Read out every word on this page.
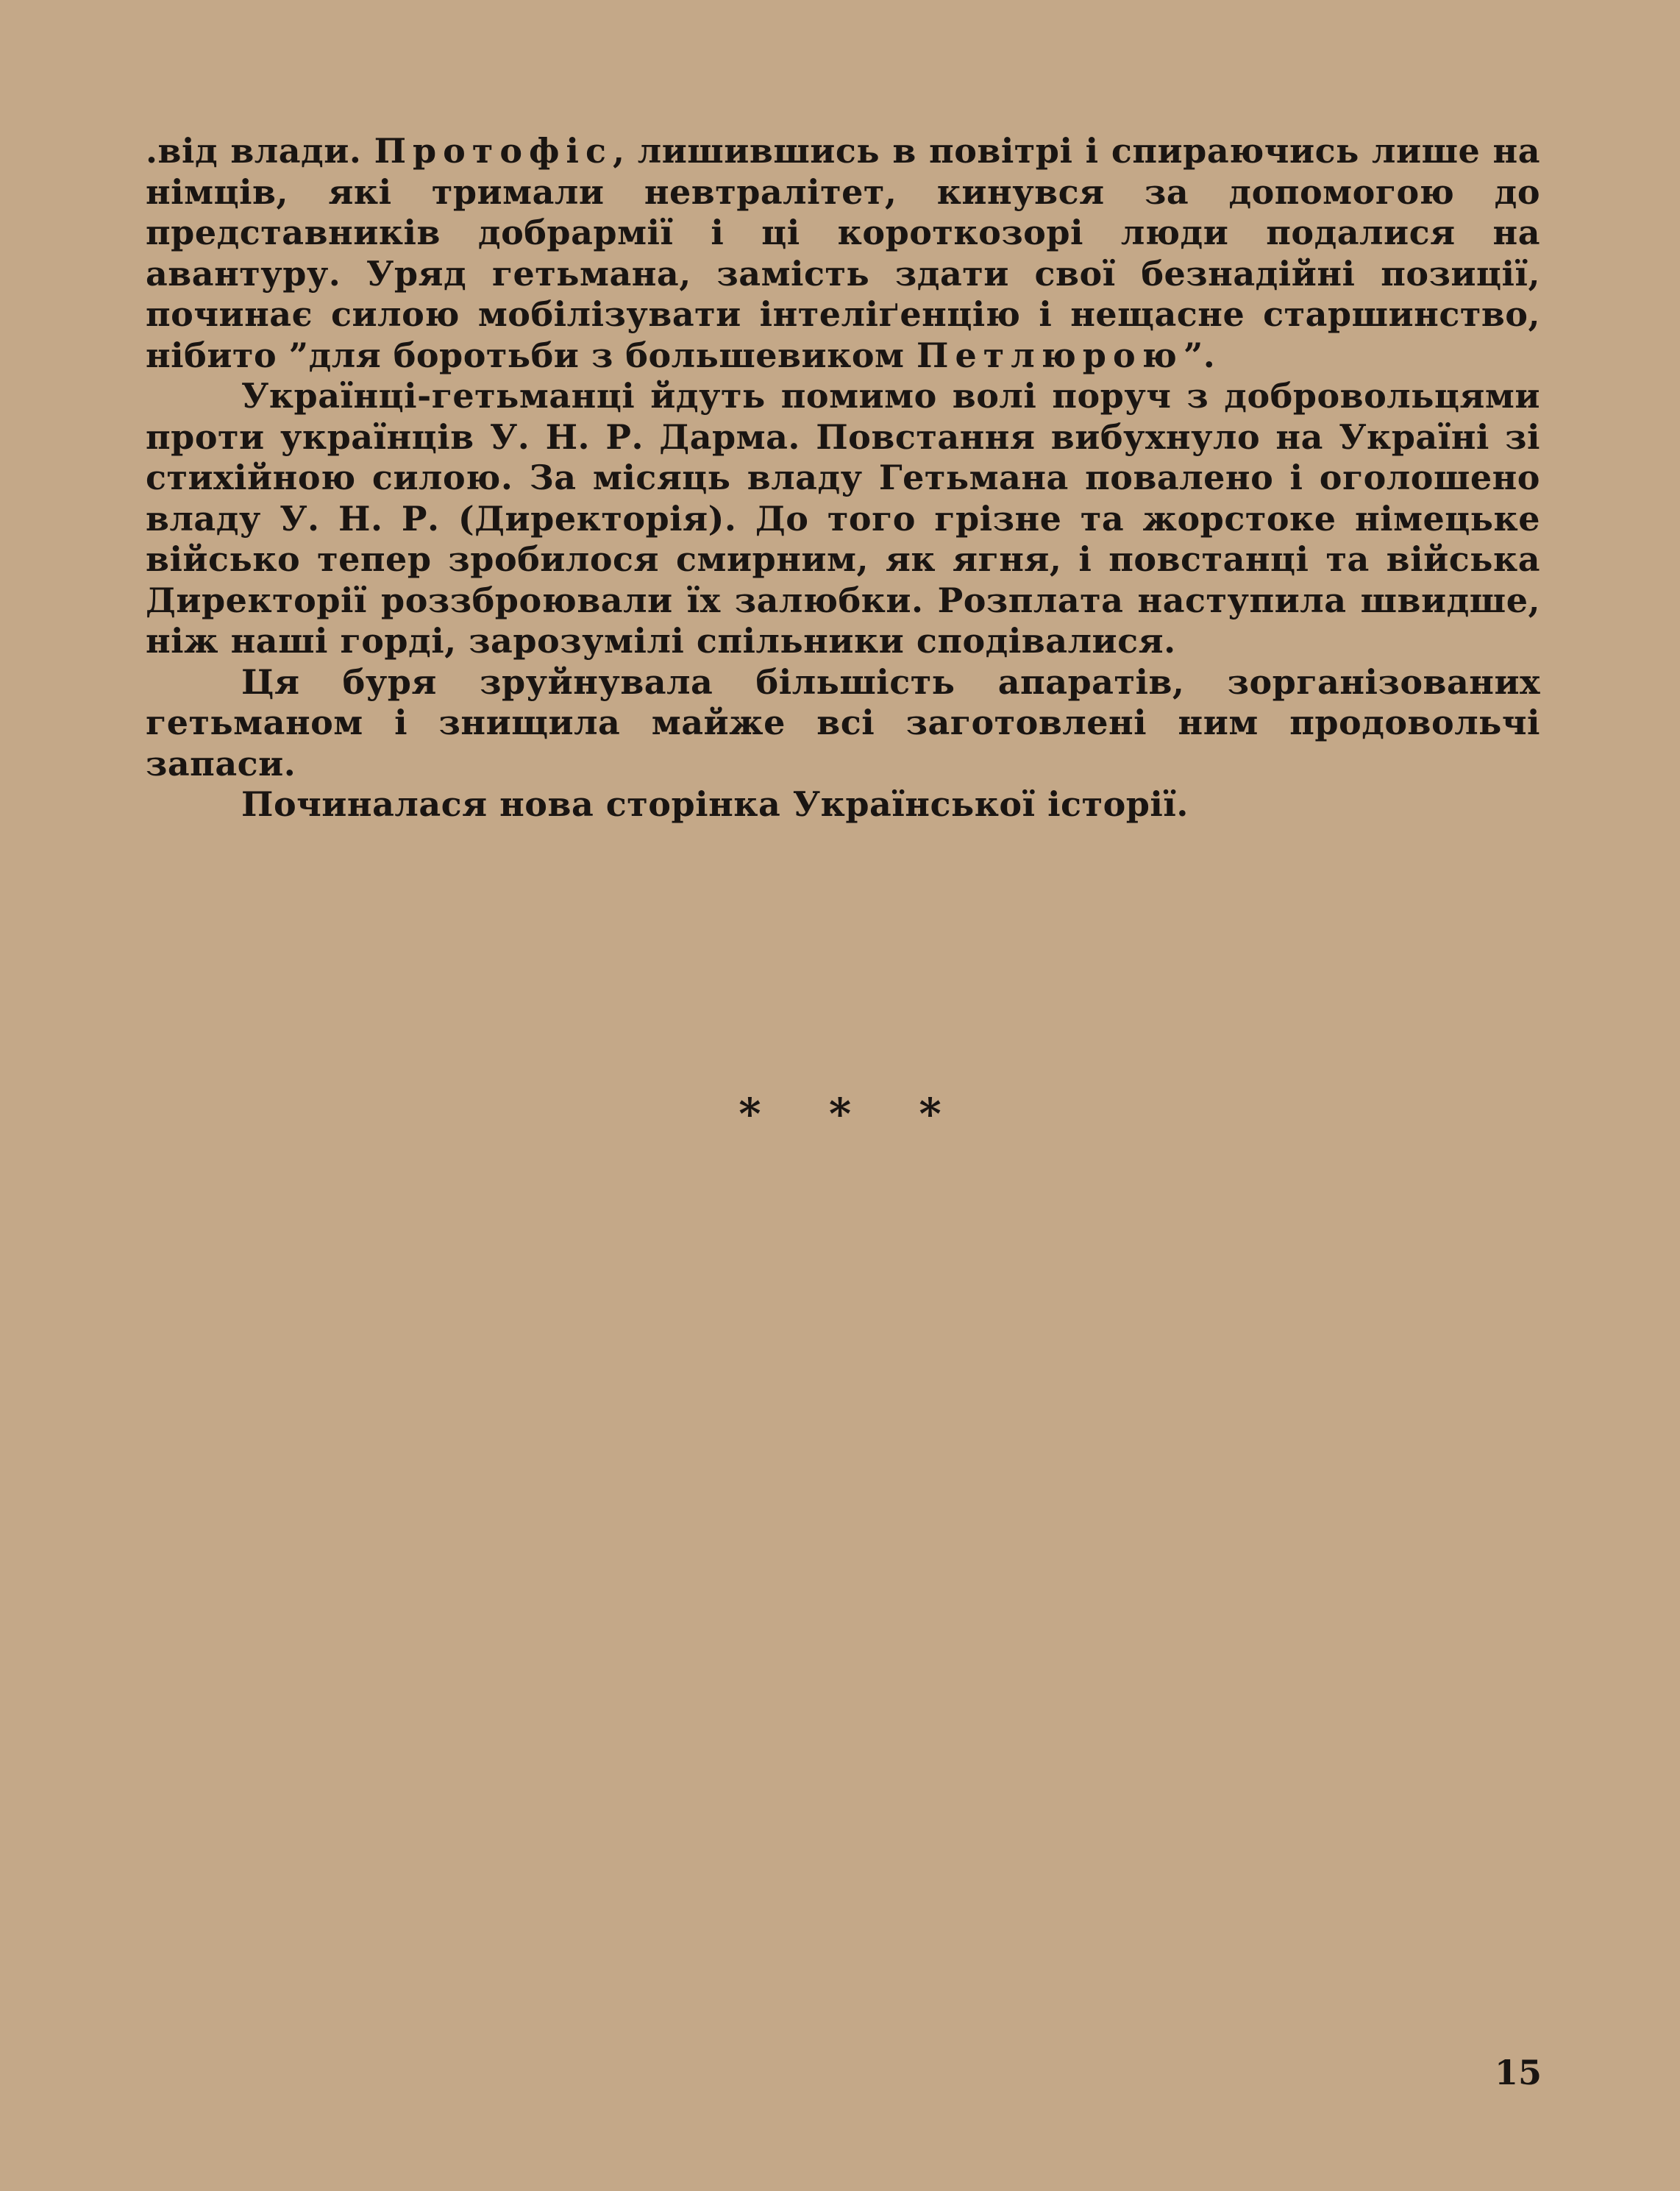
.від влади. Протофіс, лишившись в повітрі і спираючись лише на німців, які тримали невтралітет, кинувся за допомогою до представників добрармії і ці короткозорі люди подалися на авантуру. Уряд гетьмана, замість здати свої безнадійні позиції, починає силою мобілізувати інтеліґенцію і нещасне старшинство, нібито ”для боротьби з большевиком Петлюрою”.

Українці-гетьманці йдуть помимо волі поруч з добровольцями проти українців У. Н. Р. Дарма. Повстання вибухнуло на Україні зі стихійною силою. За місяць владу Гетьмана повалено і оголошено владу У. Н. Р. (Директорія). До того грізне та жорстоке німецьке військо тепер зробилося смирним, як ягня, і повстанці та війська Директорії роззброювали їх залюбки. Розплата наступила швидше, ніж наші горді, зарозумілі спільники сподівалися.

Ця буря зруйнувала більшість апаратів, зорганізованих гетьманом і знищила майже всі заготовлені ним продовольчі запаси.

Починалася нова сторінка Української історії.

* * *
15
